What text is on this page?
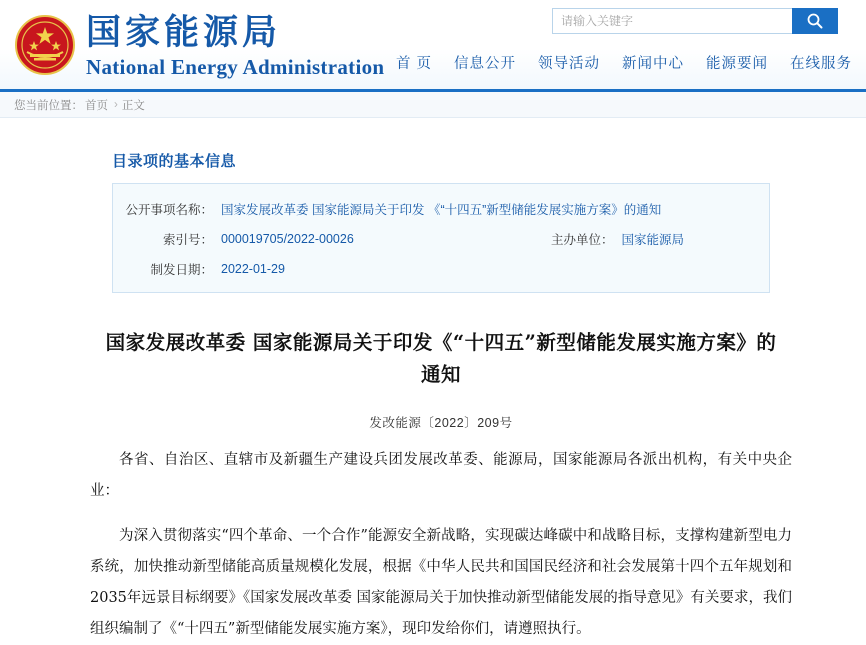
国家能源局
National Energy Administration
请输入关键字 首 页 信息公开 领导活动 新闻中心 能源要闻 在线服务
您当前位置： 首页 › 正文
目录项的基本信息
公开事项名称：	国家发展改革委 国家能源局关于印发 《“十四五”新型储能发展实施方案》的通知		
索引号：	000019705/2022-00026	主办单位：	国家能源局
制发日期：	2022-01-29		
国家发展改革委 国家能源局关于印发《“十四五”新型储能发展实施方案》的通知
发改能源〔2022〕209号
各省、自治区、直辖市及新疆生产建设兵团发展改革委、能源局，国家能源局各派出机构，有关中央企业：
为深入贯彻落实“四个革命、一个合作”能源安全新战略，实现碳达峰碳中和战略目标，支撑构建新型电力系统，加快推动新型储能高质量规模化发展，根据《中华人民共和国国民经济和社会发展第十四个五年规划和2035年远景目标纲要》《国家发展改革委 国家能源局关于加快推动新型储能发展的指导意见》有关要求，我们组织编制了《“十四五”新型储能发展实施方案》，现印发给你们，请遵照执行。
